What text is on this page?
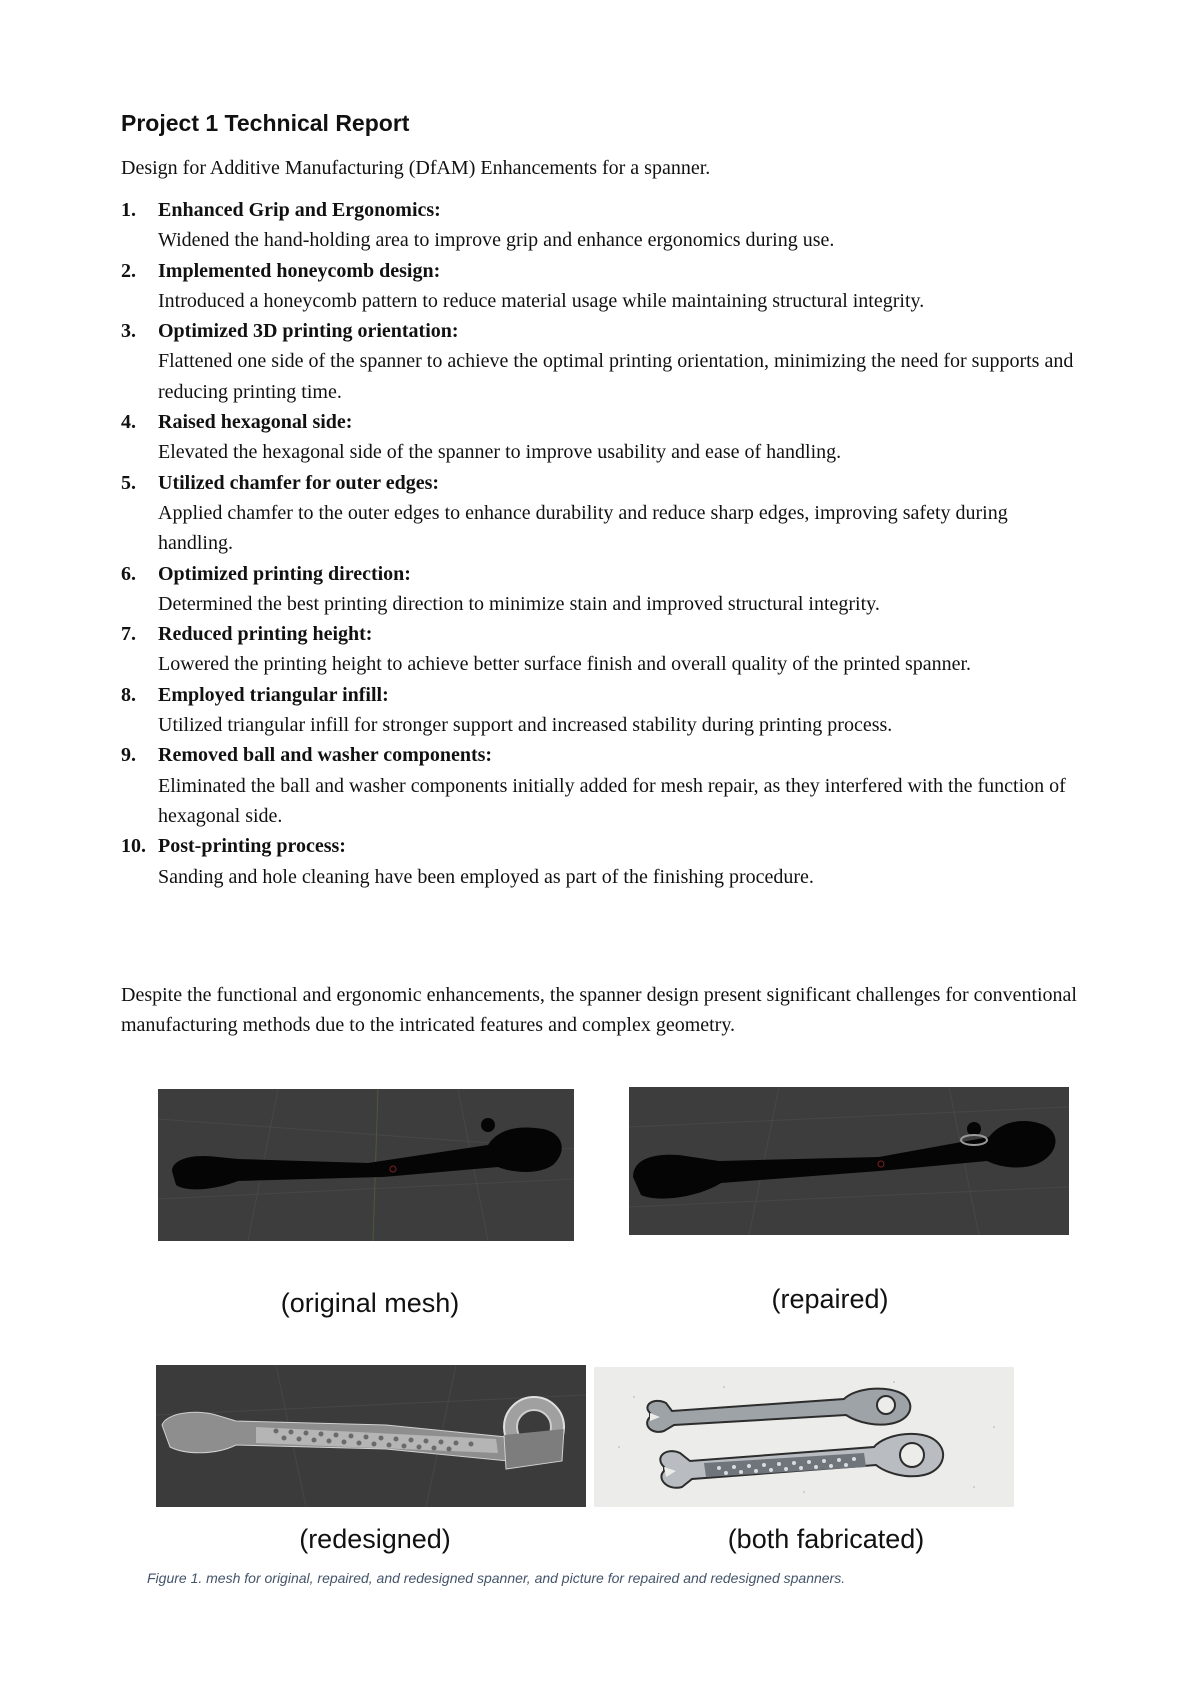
Project 1 Technical Report
Design for Additive Manufacturing (DfAM) Enhancements for a spanner.
1. Enhanced Grip and Ergonomics:
Widened the hand-holding area to improve grip and enhance ergonomics during use.
2. Implemented honeycomb design:
Introduced a honeycomb pattern to reduce material usage while maintaining structural integrity.
3. Optimized 3D printing orientation:
Flattened one side of the spanner to achieve the optimal printing orientation, minimizing the need for supports and reducing printing time.
4. Raised hexagonal side:
Elevated the hexagonal side of the spanner to improve usability and ease of handling.
5. Utilized chamfer for outer edges:
Applied chamfer to the outer edges to enhance durability and reduce sharp edges, improving safety during handling.
6. Optimized printing direction:
Determined the best printing direction to minimize stain and improved structural integrity.
7. Reduced printing height:
Lowered the printing height to achieve better surface finish and overall quality of the printed spanner.
8. Employed triangular infill:
Utilized triangular infill for stronger support and increased stability during printing process.
9. Removed ball and washer components:
Eliminated the ball and washer components initially added for mesh repair, as they interfered with the function of hexagonal side.
10. Post-printing process:
Sanding and hole cleaning have been employed as part of the finishing procedure.
Despite the functional and ergonomic enhancements, the spanner design present significant challenges for conventional manufacturing methods due to the intricated features and complex geometry.
(original mesh)	(repaired)
(redesigned)	(both fabricated)
Figure 1. mesh for original, repaired, and redesigned spanner, and picture for repaired and redesigned spanners.
